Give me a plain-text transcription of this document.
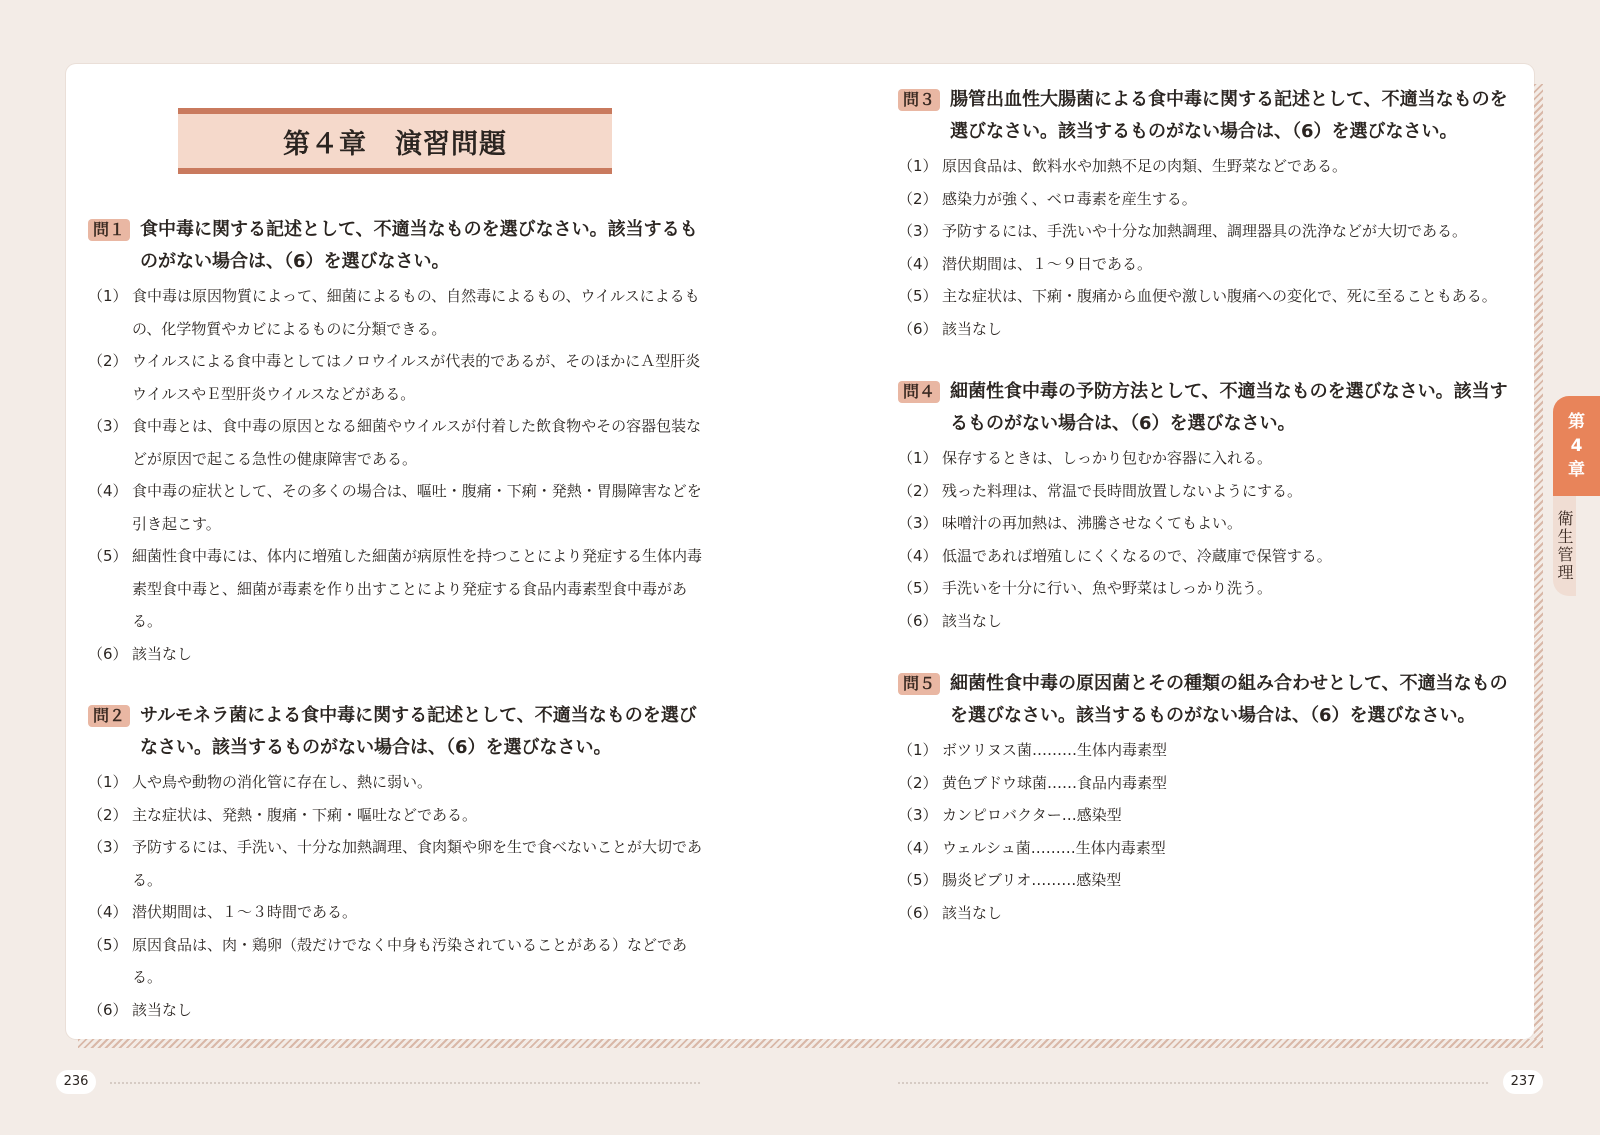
第４章　演習問題
問１ 食中毒に関する記述として、不適当なものを選びなさい。該当するものがない場合は、（6）を選びなさい。
（1） 食中毒は原因物質によって、細菌によるもの、自然毒によるもの、ウイルスによるもの、化学物質やカビによるものに分類できる。
（2） ウイルスによる食中毒としてはノロウイルスが代表的であるが、そのほかにＡ型肝炎ウイルスやＥ型肝炎ウイルスなどがある。
（3） 食中毒とは、食中毒の原因となる細菌やウイルスが付着した飲食物やその容器包装などが原因で起こる急性の健康障害である。
（4） 食中毒の症状として、その多くの場合は、嘔吐・腹痛・下痢・発熱・胃腸障害などを引き起こす。
（5） 細菌性食中毒には、体内に増殖した細菌が病原性を持つことにより発症する生体内毒素型食中毒と、細菌が毒素を作り出すことにより発症する食品内毒素型食中毒がある。
（6） 該当なし
問２ サルモネラ菌による食中毒に関する記述として、不適当なものを選びなさい。該当するものがない場合は、（6）を選びなさい。
（1） 人や鳥や動物の消化管に存在し、熱に弱い。
（2） 主な症状は、発熱・腹痛・下痢・嘔吐などである。
（3） 予防するには、手洗い、十分な加熱調理、食肉類や卵を生で食べないことが大切である。
（4） 潜伏期間は、１～３時間である。
（5） 原因食品は、肉・鶏卵（殻だけでなく中身も汚染されていることがある）などである。
（6） 該当なし
問３ 腸管出血性大腸菌による食中毒に関する記述として、不適当なものを選びなさい。該当するものがない場合は、（6）を選びなさい。
（1） 原因食品は、飲料水や加熱不足の肉類、生野菜などである。
（2） 感染力が強く、ベロ毒素を産生する。
（3） 予防するには、手洗いや十分な加熱調理、調理器具の洗浄などが大切である。
（4） 潜伏期間は、１～９日である。
（5） 主な症状は、下痢・腹痛から血便や激しい腹痛への変化で、死に至ることもある。
（6） 該当なし
問４ 細菌性食中毒の予防方法として、不適当なものを選びなさい。該当するものがない場合は、（6）を選びなさい。
（1） 保存するときは、しっかり包むか容器に入れる。
（2） 残った料理は、常温で長時間放置しないようにする。
（3） 味噌汁の再加熱は、沸騰させなくてもよい。
（4） 低温であれば増殖しにくくなるので、冷蔵庫で保管する。
（5） 手洗いを十分に行い、魚や野菜はしっかり洗う。
（6） 該当なし
問５ 細菌性食中毒の原因菌とその種類の組み合わせとして、不適当なものを選びなさい。該当するものがない場合は、（6）を選びなさい。
（1） ボツリヌス菌………生体内毒素型
（2） 黄色ブドウ球菌……食品内毒素型
（3） カンピロバクター…感染型
（4） ウェルシュ菌………生体内毒素型
（5） 腸炎ビブリオ………感染型
（6） 該当なし
第
4
章
衛生管理
236	237
